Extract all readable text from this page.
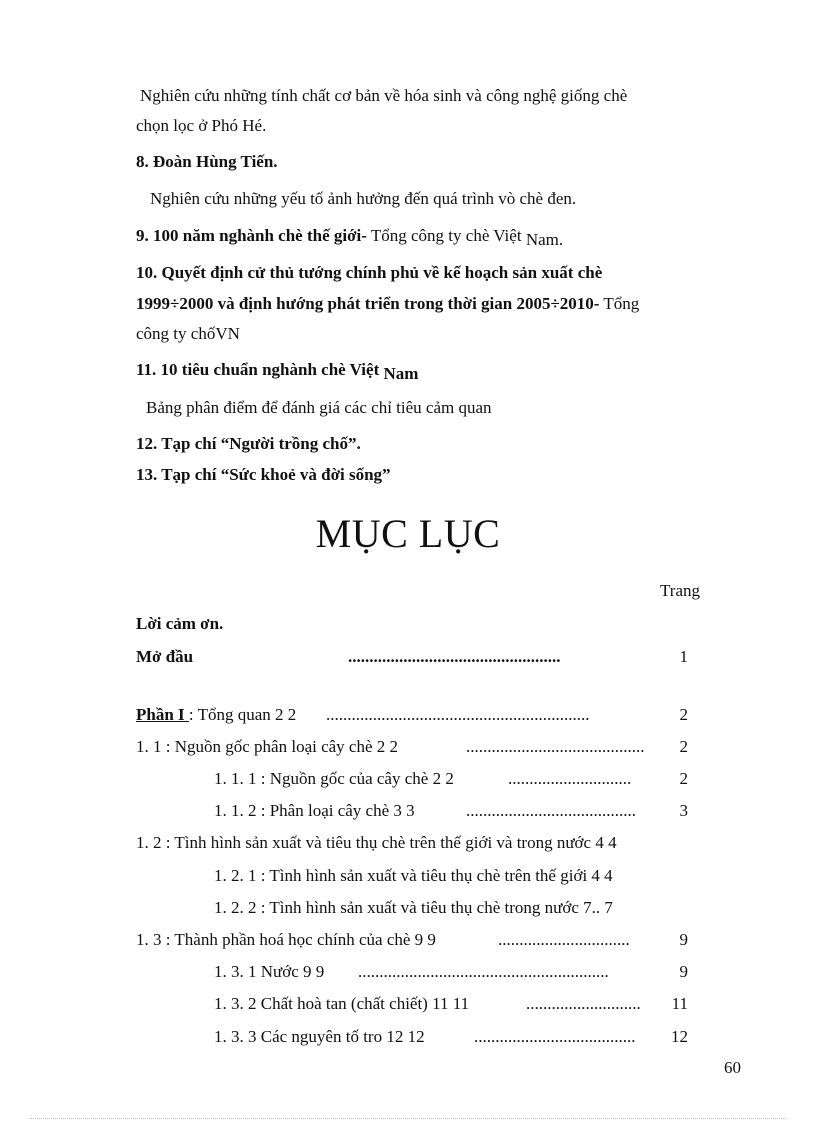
Nghiên cứu những tính chất cơ bản về hóa sinh và công nghệ giống chè
chọn lọc ở Phó Hé.
8. Đoàn Hùng Tiến.
Nghiên cứu những yếu tố ảnh hưởng đến quá trình vò chè đen.
9. 100 năm nghành chè thế giới- Tổng công ty chè Việt Nam.
10. Quyết định cử thủ tướng chính phủ về kế hoạch sản xuất chè
1999÷2000 và định hướng phát triển trong thời gian 2005÷2010- Tổng
công ty chốVN
11. 10 tiêu chuẩn nghành chè Việt Nam
Bảng phân điểm để đánh giá các chỉ tiêu cảm quan
12. Tạp chí “Người trồng chố”.
13. Tạp chí “Sức khoẻ và đời sống”
MỤC LỤC
Trang
Lời cảm ơn.
Mở đầu	..................................................	1
Phần I : Tổng quan 2 2 ..............................................................	2
1. 1 : Nguồn gốc phân loại cây chè 2 2	.......................................... 2
1. 1. 1 : Nguồn gốc của cây chè 2 2	.............................	2
1. 1. 2 : Phân loại cây chè 3 3	........................................	3
1. 2 : Tình hình sản xuất và tiêu thụ chè trên thế giới và trong nước 4 4
1. 2. 1 : Tình hình sản xuất và tiêu thụ chè trên thế giới 4 4
1. 2. 2 : Tình hình sản xuất và tiêu thụ chè trong nước 7.. 7
1. 3 : Thành phần hoá học chính của chè 9 9	...............................	9
1. 3. 1 Nước 9 9 ...........................................................	9
1. 3. 2 Chất hoà tan (chất chiết) 11 11	........................... 11
1. 3. 3 Các nguyên tố tro 12 12	...................................... 12
60
